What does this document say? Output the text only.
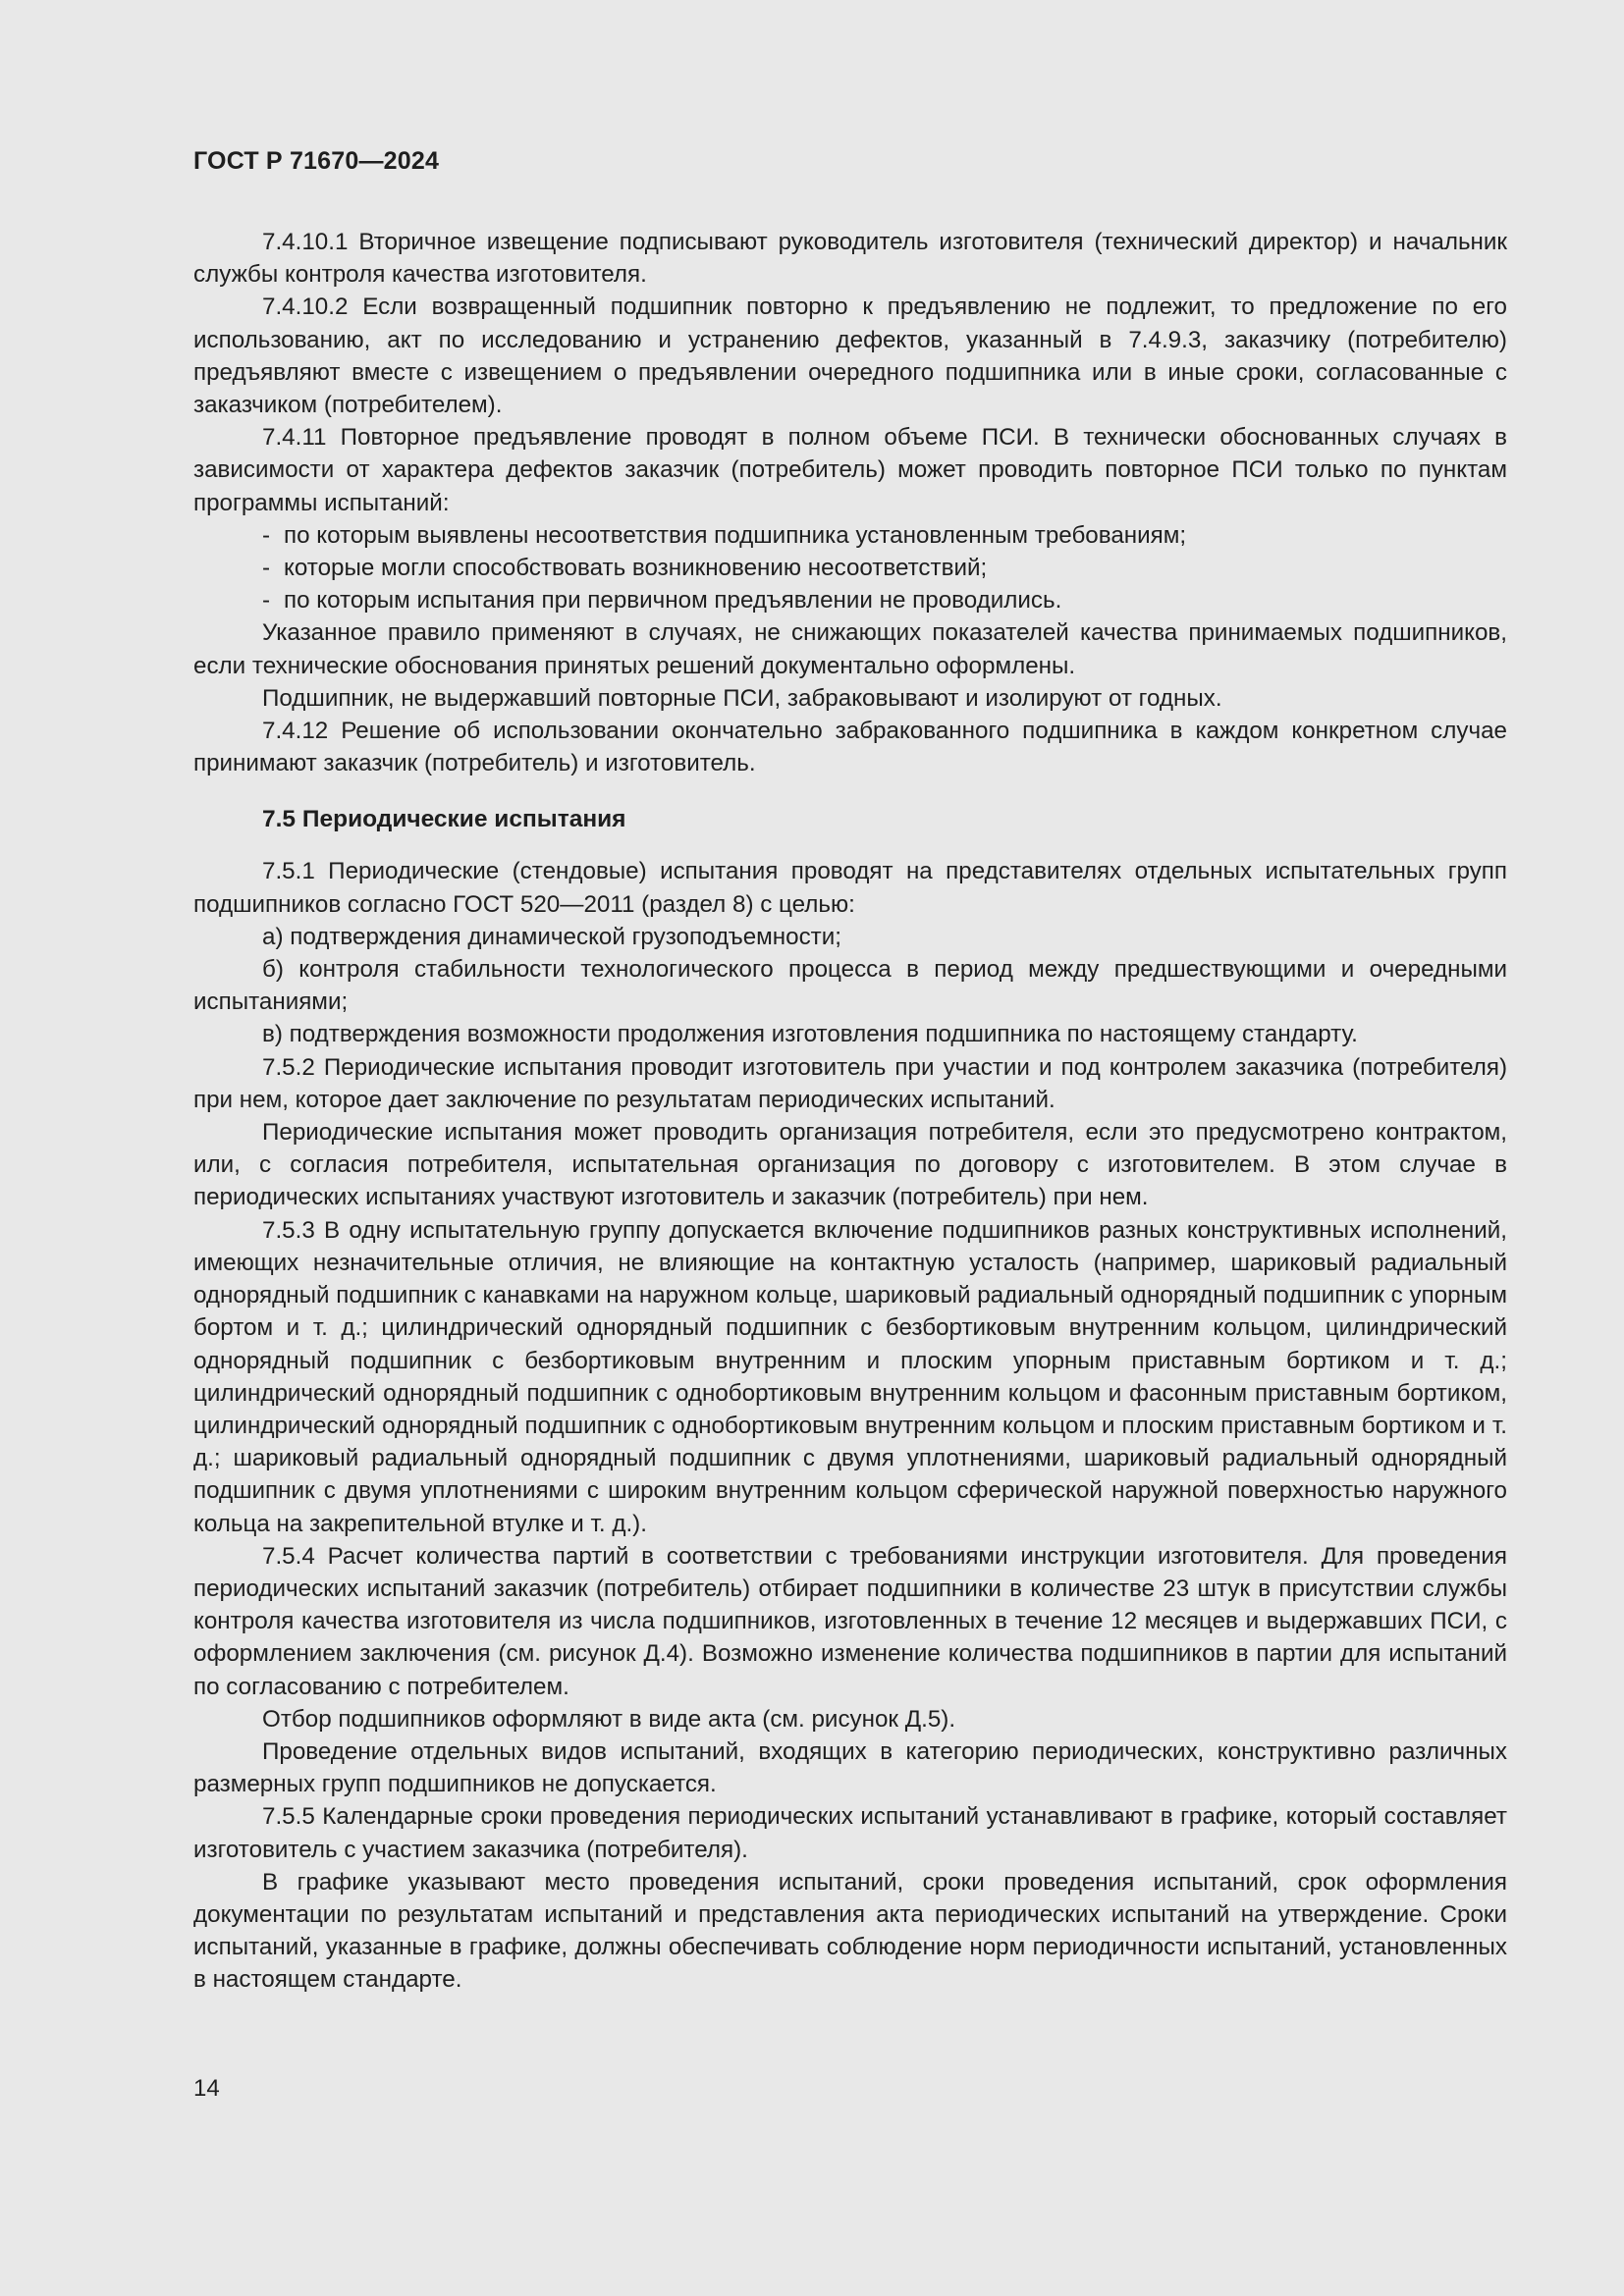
ГОСТ Р 71670—2024

7.4.10.1 Вторичное извещение подписывают руководитель изготовителя (технический директор) и начальник службы контроля качества изготовителя.

7.4.10.2 Если возвращенный подшипник повторно к предъявлению не подлежит, то предложение по его использованию, акт по исследованию и устранению дефектов, указанный в 7.4.9.3, заказчику (потребителю) предъявляют вместе с извещением о предъявлении очередного подшипника или в иные сроки, согласованные с заказчиком (потребителем).

7.4.11 Повторное предъявление проводят в полном объеме ПСИ. В технически обоснованных случаях в зависимости от характера дефектов заказчик (потребитель) может проводить повторное ПСИ только по пунктам программы испытаний:

- по которым выявлены несоответствия подшипника установленным требованиям;

- которые могли способствовать возникновению несоответствий;

- по которым испытания при первичном предъявлении не проводились.

Указанное правило применяют в случаях, не снижающих показателей качества принимаемых подшипников, если технические обоснования принятых решений документально оформлены.

Подшипник, не выдержавший повторные ПСИ, забраковывают и изолируют от годных.

7.4.12 Решение об использовании окончательно забракованного подшипника в каждом конкретном случае принимают заказчик (потребитель) и изготовитель.

7.5 Периодические испытания

7.5.1 Периодические (стендовые) испытания проводят на представителях отдельных испытательных групп подшипников согласно ГОСТ 520—2011 (раздел 8) с целью:

а) подтверждения динамической грузоподъемности;

б) контроля стабильности технологического процесса в период между предшествующими и очередными испытаниями;

в) подтверждения возможности продолжения изготовления подшипника по настоящему стандарту.

7.5.2 Периодические испытания проводит изготовитель при участии и под контролем заказчика (потребителя) при нем, которое дает заключение по результатам периодических испытаний.

Периодические испытания может проводить организация потребителя, если это предусмотрено контрактом, или, с согласия потребителя, испытательная организация по договору с изготовителем. В этом случае в периодических испытаниях участвуют изготовитель и заказчик (потребитель) при нем.

7.5.3 В одну испытательную группу допускается включение подшипников разных конструктивных исполнений, имеющих незначительные отличия, не влияющие на контактную усталость (например, шариковый радиальный однорядный подшипник с канавками на наружном кольце, шариковый радиальный однорядный подшипник с упорным бортом и т. д.; цилиндрический однорядный подшипник с безбортиковым внутренним кольцом, цилиндрический однорядный подшипник с безбортиковым внутренним и плоским упорным приставным бортиком и т. д.; цилиндрический однорядный подшипник с однобортиковым внутренним кольцом и фасонным приставным бортиком, цилиндрический однорядный подшипник с однобортиковым внутренним кольцом и плоским приставным бортиком и т. д.; шариковый радиальный однорядный подшипник с двумя уплотнениями, шариковый радиальный однорядный подшипник с двумя уплотнениями с широким внутренним кольцом сферической наружной поверхностью наружного кольца на закрепительной втулке и т. д.).

7.5.4 Расчет количества партий в соответствии с требованиями инструкции изготовителя. Для проведения периодических испытаний заказчик (потребитель) отбирает подшипники в количестве 23 штук в присутствии службы контроля качества изготовителя из числа подшипников, изготовленных в течение 12 месяцев и выдержавших ПСИ, с оформлением заключения (см. рисунок Д.4). Возможно изменение количества подшипников в партии для испытаний по согласованию с потребителем.

Отбор подшипников оформляют в виде акта (см. рисунок Д.5).

Проведение отдельных видов испытаний, входящих в категорию периодических, конструктивно различных размерных групп подшипников не допускается.

7.5.5 Календарные сроки проведения периодических испытаний устанавливают в графике, который составляет изготовитель с участием заказчика (потребителя).

В графике указывают место проведения испытаний, сроки проведения испытаний, срок оформления документации по результатам испытаний и представления акта периодических испытаний на утверждение. Сроки испытаний, указанные в графике, должны обеспечивать соблюдение норм периодичности испытаний, установленных в настоящем стандарте.

14
